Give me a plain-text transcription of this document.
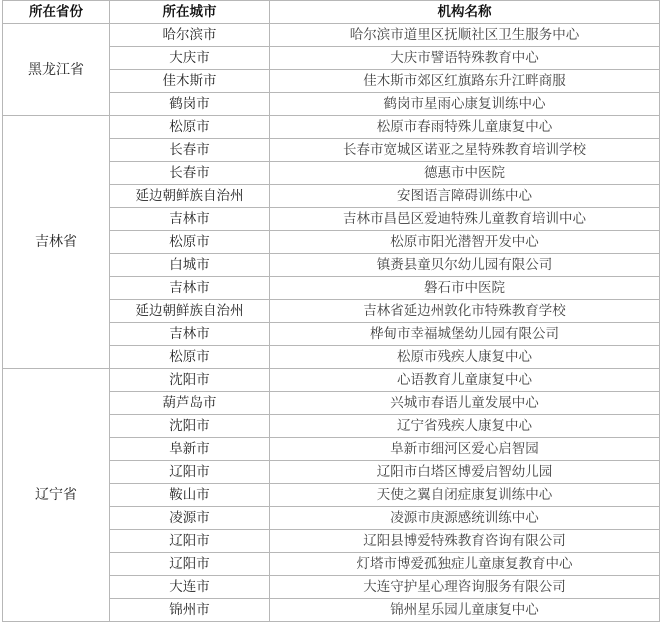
所在省份	所在城市	机构名称
黑龙江省	哈尔滨市	哈尔滨市道里区抚顺社区卫生服务中心
	大庆市	大庆市譬语特殊教育中心
	佳木斯市	佳木斯市郊区红旗路东升江畔商服
	鹤岗市	鹤岗市星雨心康复训练中心
吉林省	松原市	松原市春雨特殊儿童康复中心
	长春市	长春市宽城区诺亚之星特殊教育培训学校
	长春市	德惠市中医院
	延边朝鲜族自治州	安图语言障碍训练中心
	吉林市	吉林市昌邑区爱迪特殊儿童教育培训中心
	松原市	松原市阳光潜智开发中心
	白城市	镇赉县童贝尔幼儿园有限公司
	吉林市	磐石市中医院
	延边朝鲜族自治州	吉林省延边州敦化市特殊教育学校
	吉林市	桦甸市幸福城堡幼儿园有限公司
	松原市	松原市残疾人康复中心
辽宁省	沈阳市	心语教育儿童康复中心
	葫芦岛市	兴城市春语儿童发展中心
	沈阳市	辽宁省残疾人康复中心
	阜新市	阜新市细河区爱心启智园
	辽阳市	辽阳市白塔区博爱启智幼儿园
	鞍山市	天使之翼自闭症康复训练中心
	凌源市	凌源市庚源感统训练中心
	辽阳市	辽阳县博爱特殊教育咨询有限公司
	辽阳市	灯塔市博爱孤独症儿童康复教育中心
	大连市	大连守护星心理咨询服务有限公司
	锦州市	锦州星乐园儿童康复中心
